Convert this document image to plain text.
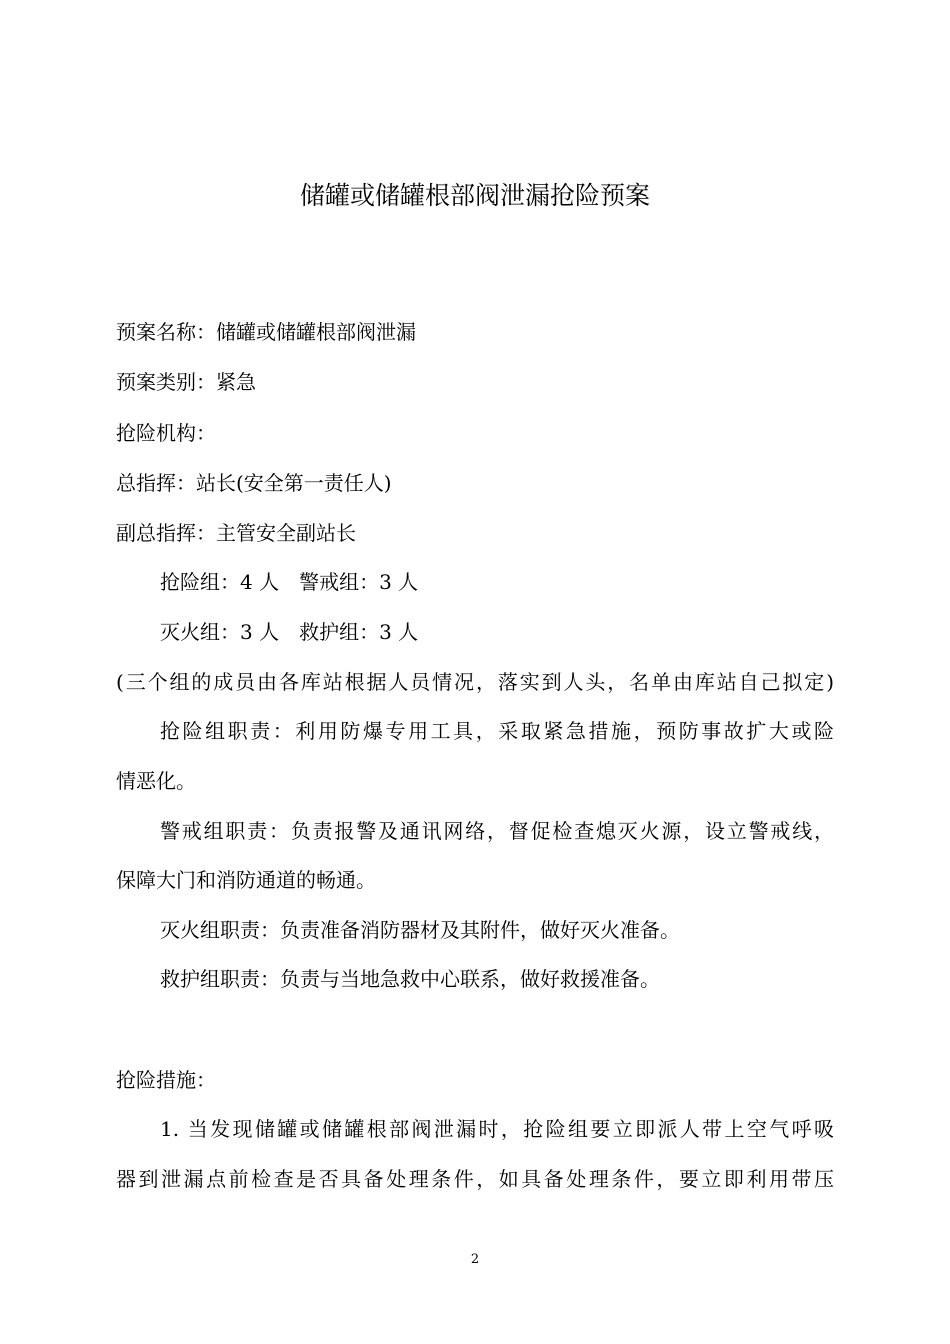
储罐或储罐根部阀泄漏抢险预案

预案名称：储罐或储罐根部阀泄漏

预案类别：紧急

抢险机构：

总指挥：站长(安全第一责任人)

副总指挥：主管安全副站长

抢险组：4 人　警戒组：3 人

灭火组：3 人　救护组：3 人

(三个组的成员由各库站根据人员情况，落实到人头，名单由库站自己拟定)

抢险组职责：利用防爆专用工具，采取紧急措施，预防事故扩大或险

情恶化。

警戒组职责：负责报警及通讯网络，督促检查熄灭火源，设立警戒线，

保障大门和消防通道的畅通。

灭火组职责：负责准备消防器材及其附件，做好灭火准备。

救护组职责：负责与当地急救中心联系，做好救援准备。

抢险措施：

1. 当发现储罐或储罐根部阀泄漏时，抢险组要立即派人带上空气呼吸

器到泄漏点前检查是否具备处理条件，如具备处理条件，要立即利用带压

2
